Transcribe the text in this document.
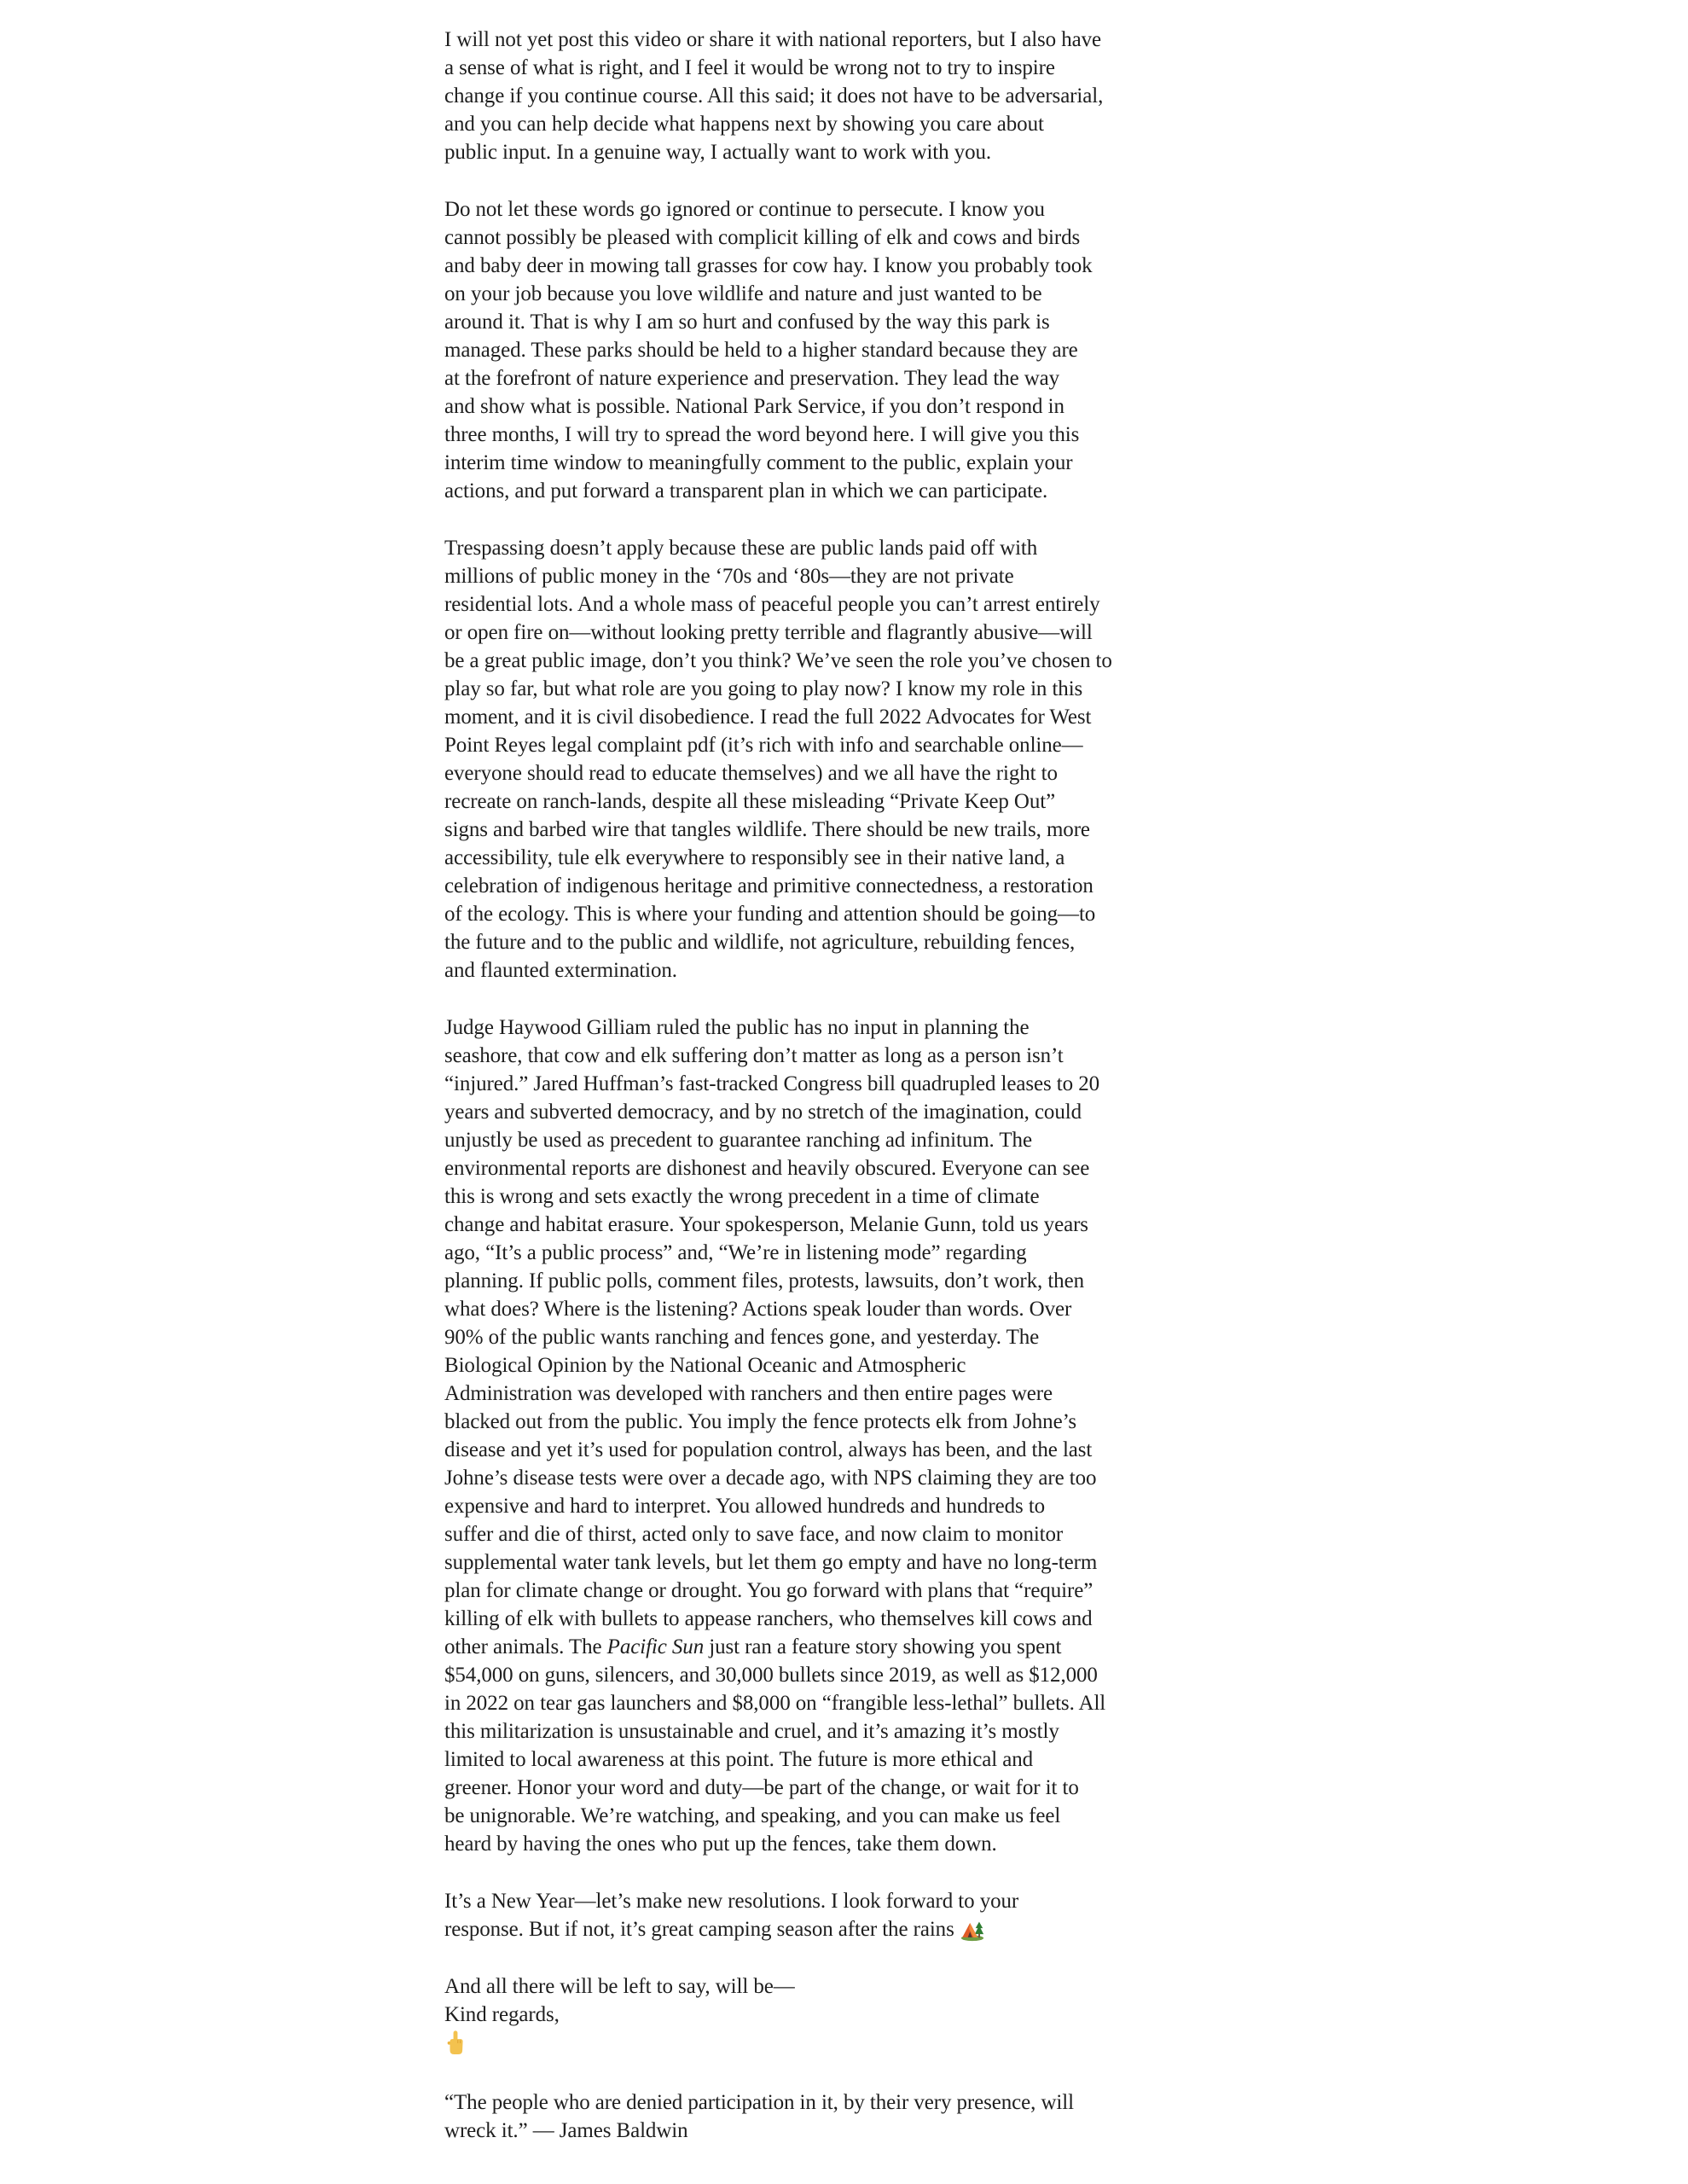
I will not yet post this video or share it with national reporters, but I also have
a sense of what is right, and I feel it would be wrong not to try to inspire
change if you continue course. All this said; it does not have to be adversarial,
and you can help decide what happens next by showing you care about
public input. In a genuine way, I actually want to work with you.
Do not let these words go ignored or continue to persecute. I know you
cannot possibly be pleased with complicit killing of elk and cows and birds
and baby deer in mowing tall grasses for cow hay. I know you probably took
on your job because you love wildlife and nature and just wanted to be
around it. That is why I am so hurt and confused by the way this park is
managed. These parks should be held to a higher standard because they are
at the forefront of nature experience and preservation. They lead the way
and show what is possible. National Park Service, if you don’t respond in
three months, I will try to spread the word beyond here. I will give you this
interim time window to meaningfully comment to the public, explain your
actions, and put forward a transparent plan in which we can participate.
Trespassing doesn’t apply because these are public lands paid off with
millions of public money in the ‘70s and ‘80s—they are not private
residential lots. And a whole mass of peaceful people you can’t arrest entirely
or open fire on—without looking pretty terrible and flagrantly abusive—will
be a great public image, don’t you think? We’ve seen the role you’ve chosen to
play so far, but what role are you going to play now? I know my role in this
moment, and it is civil disobedience. I read the full 2022 Advocates for West
Point Reyes legal complaint pdf (it’s rich with info and searchable online—
everyone should read to educate themselves) and we all have the right to
recreate on ranch-lands, despite all these misleading “Private Keep Out”
signs and barbed wire that tangles wildlife. There should be new trails, more
accessibility, tule elk everywhere to responsibly see in their native land, a
celebration of indigenous heritage and primitive connectedness, a restoration
of the ecology. This is where your funding and attention should be going—to
the future and to the public and wildlife, not agriculture, rebuilding fences,
and flaunted extermination.
Judge Haywood Gilliam ruled the public has no input in planning the
seashore, that cow and elk suffering don’t matter as long as a person isn’t
“injured.” Jared Huffman’s fast-tracked Congress bill quadrupled leases to 20
years and subverted democracy, and by no stretch of the imagination, could
unjustly be used as precedent to guarantee ranching ad infinitum. The
environmental reports are dishonest and heavily obscured. Everyone can see
this is wrong and sets exactly the wrong precedent in a time of climate
change and habitat erasure. Your spokesperson, Melanie Gunn, told us years
ago, “It’s a public process” and, “We’re in listening mode” regarding
planning. If public polls, comment files, protests, lawsuits, don’t work, then
what does? Where is the listening? Actions speak louder than words. Over
90% of the public wants ranching and fences gone, and yesterday. The
Biological Opinion by the National Oceanic and Atmospheric
Administration was developed with ranchers and then entire pages were
blacked out from the public. You imply the fence protects elk from Johne’s
disease and yet it’s used for population control, always has been, and the last
Johne’s disease tests were over a decade ago, with NPS claiming they are too
expensive and hard to interpret. You allowed hundreds and hundreds to
suffer and die of thirst, acted only to save face, and now claim to monitor
supplemental water tank levels, but let them go empty and have no long-term
plan for climate change or drought. You go forward with plans that “require”
killing of elk with bullets to appease ranchers, who themselves kill cows and
other animals. The Pacific Sun just ran a feature story showing you spent
$54,000 on guns, silencers, and 30,000 bullets since 2019, as well as $12,000
in 2022 on tear gas launchers and $8,000 on “frangible less-lethal” bullets. All
this militarization is unsustainable and cruel, and it’s amazing it’s mostly
limited to local awareness at this point. The future is more ethical and
greener. Honor your word and duty—be part of the change, or wait for it to
be unignorable. We’re watching, and speaking, and you can make us feel
heard by having the ones who put up the fences, take them down.
It’s a New Year—let’s make new resolutions. I look forward to your
response. But if not, it’s great camping season after the rains
And all there will be left to say, will be—
Kind regards,
“The people who are denied participation in it, by their very presence, will
wreck it.” — James Baldwin
